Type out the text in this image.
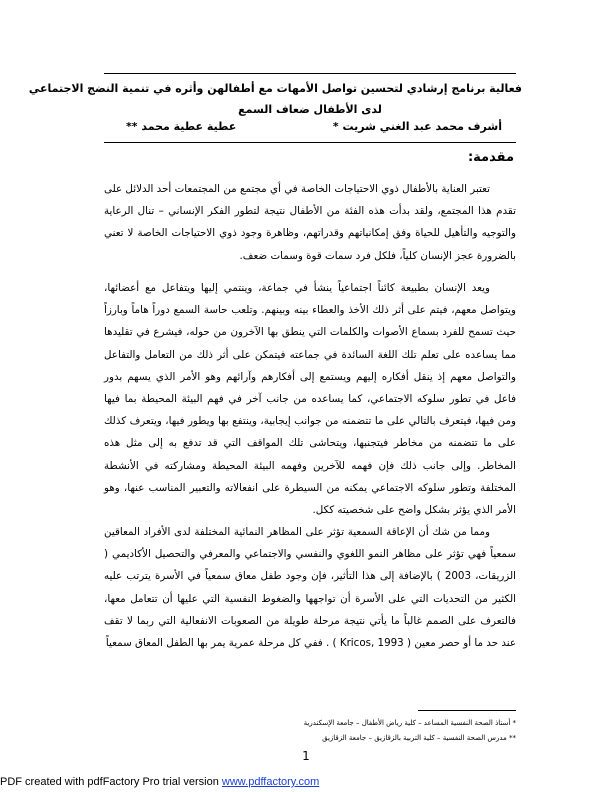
فعالية برنامج إرشادي لتحسين تواصل الأمهات مع أطفالهن وأثره في تنمية النضج الاجتماعي
لدى الأطفال ضعاف السمع
أشرف محمد عبد الغني شريت *
عطية عطية محمد **
مقدمة:

تعتبر العناية بالأطفال ذوي الاحتياجات الخاصة في أي مجتمع من المجتمعات أحد الدلائل على تقدم هذا المجتمع، ولقد بدأت هذه الفئة من الأطفال نتيجة لتطور الفكر الإنساني – تنال الرعاية والتوجيه والتأهيل للحياة وفق إمكانياتهم وقدراتهم، وظاهرة وجود ذوي الاحتياجات الخاصة لا تعني بالضرورة عجز الإنسان كلياً، فلكل فرد سمات قوة وسمات ضعف.

ويعد الإنسان بطبيعة كائناً اجتماعياً ينشأ في جماعة، وينتمي إليها ويتفاعل مع أعضائها، ويتواصل معهم، فيتم على أثر ذلك الأخذ والعطاء بينه وبينهم. وتلعب حاسة السمع دوراً هاماً وبارزاً حيث تسمح للفرد بسماع الأصوات والكلمات التي ينطق بها الآخرون من حوله، فيشرع في تقليدها مما يساعده على تعلم تلك اللغة السائدة في جماعته فيتمكن على أثر ذلك من التعامل والتفاعل والتواصل معهم إذ ينقل أفكاره إليهم ويستمع إلى أفكارهم وآرائهم وهو الأمر الذي يسهم بدور فاعل في تطور سلوكه الاجتماعي، كما يساعده من جانب آخر في فهم البيئة المحيطة بما فيها ومن فيها، فيتعرف بالتالي على ما تتضمنه من جوانب إيجابية، وينتفع بها ويطور فيها، ويتعرف كذلك على ما تتضمنه من مخاطر فيتجنبها، ويتحاشى تلك المواقف التي قد تدفع به إلى مثل هذه المخاطر. وإلى جانب ذلك فإن فهمه للآخرين وفهمه البيئة المحيطة ومشاركته في الأنشطة المختلفة وتطور سلوكه الاجتماعي يمكنه من السيطرة على انفعالاته والتعبير المناسب عنها، وهو الأمر الذي يؤثر بشكل واضح على شخصيته ككل.

ومما من شك أن الإعاقة السمعية تؤثر على المظاهر النمائية المختلفة لدى الأفراد المعاقين سمعياً فهي تؤثر على مظاهر النمو اللغوي والنفسي والاجتماعي والمعرفي والتحصيل الأكاديمي ( الزريقات، 2003 ) بالإضافة إلى هذا التأثير، فإن وجود طفل معاق سمعياً في الأسرة يترتب عليه الكثير من التحديات التي على الأسرة أن تواجهها والضغوط النفسية التي عليها أن تتعامل معها، فالتعرف على الصمم غالباً ما يأتي نتيجة مرحلة طويلة من الصعوبات الانفعالية التي ربما لا تقف عند حد ما أو حصر معين ( Kricos, 1993 ) . ففي كل مرحلة عمرية يمر بها الطفل المعاق سمعياً

* أستاذ الصحة النفسية المساعد – كلية رياض الأطفال – جامعة الإسكندرية
** مدرس الصحة النفسية – كلية التربية بالزقازيق – جامعة الزقازيق
1
PDF created with pdfFactory Pro trial version www.pdffactory.com
